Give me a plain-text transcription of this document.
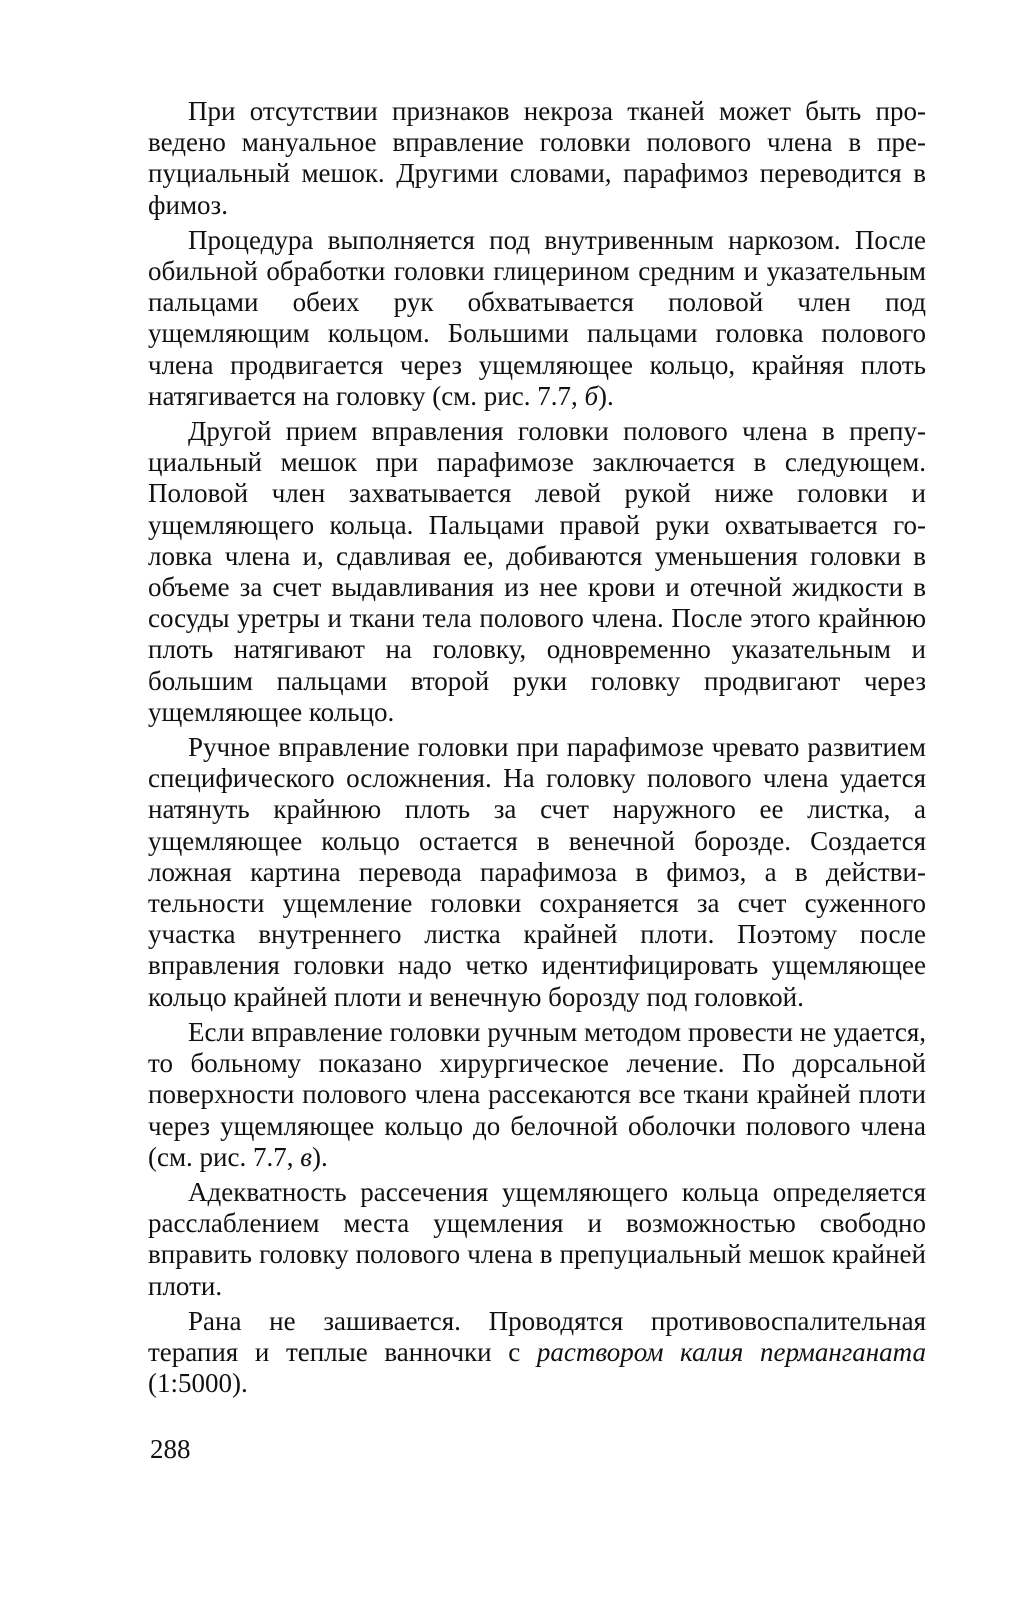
При отсутствии признаков некроза тканей может быть проведено мануальное вправление головки полового члена в препуциальный мешок. Другими словами, парафимоз переводится в фимоз.

Процедура выполняется под внутривенным наркозом. После обильной обработки головки глицерином средним и указательным пальцами обеих рук обхватывается половой член под ущемляющим кольцом. Большими пальцами головка полового члена продвигается через ущемляющее кольцо, крайняя плоть натягивается на головку (см. рис. 7.7, б).

Другой прием вправления головки полового члена в препуциальный мешок при парафимозе заключается в следующем. Половой член захватывается левой рукой ниже головки и ущемляющего кольца. Пальцами правой руки охватывается головка члена и, сдавливая ее, добиваются уменьшения головки в объеме за счет выдавливания из нее крови и отечной жидкости в сосуды уретры и ткани тела полового члена. После этого крайнюю плоть натягивают на головку, одновременно указательным и большим пальцами второй руки головку продвигают через ущемляющее кольцо.

Ручное вправление головки при парафимозе чревато развитием специфического осложнения. На головку полового члена удается натянуть крайнюю плоть за счет наружного ее листка, а ущемляющее кольцо остается в венечной борозде. Создается ложная картина перевода парафимоза в фимоз, а в действительности ущемление головки сохраняется за счет суженного участка внутреннего листка крайней плоти. Поэтому после вправления головки надо четко идентифицировать ущемляющее кольцо крайней плоти и венечную борозду под головкой.

Если вправление головки ручным методом провести не удается, то больному показано хирургическое лечение. По дорсальной поверхности полового члена рассекаются все ткани крайней плоти через ущемляющее кольцо до белочной оболочки полового члена (см. рис. 7.7, в).

Адекватность рассечения ущемляющего кольца определяется расслаблением места ущемления и возможностью свободно вправить головку полового члена в препуциальный мешок крайней плоти.

Рана не зашивается. Проводятся противовоспалительная терапия и теплые ванночки с раствором калия перманганата (1:5000).

288
